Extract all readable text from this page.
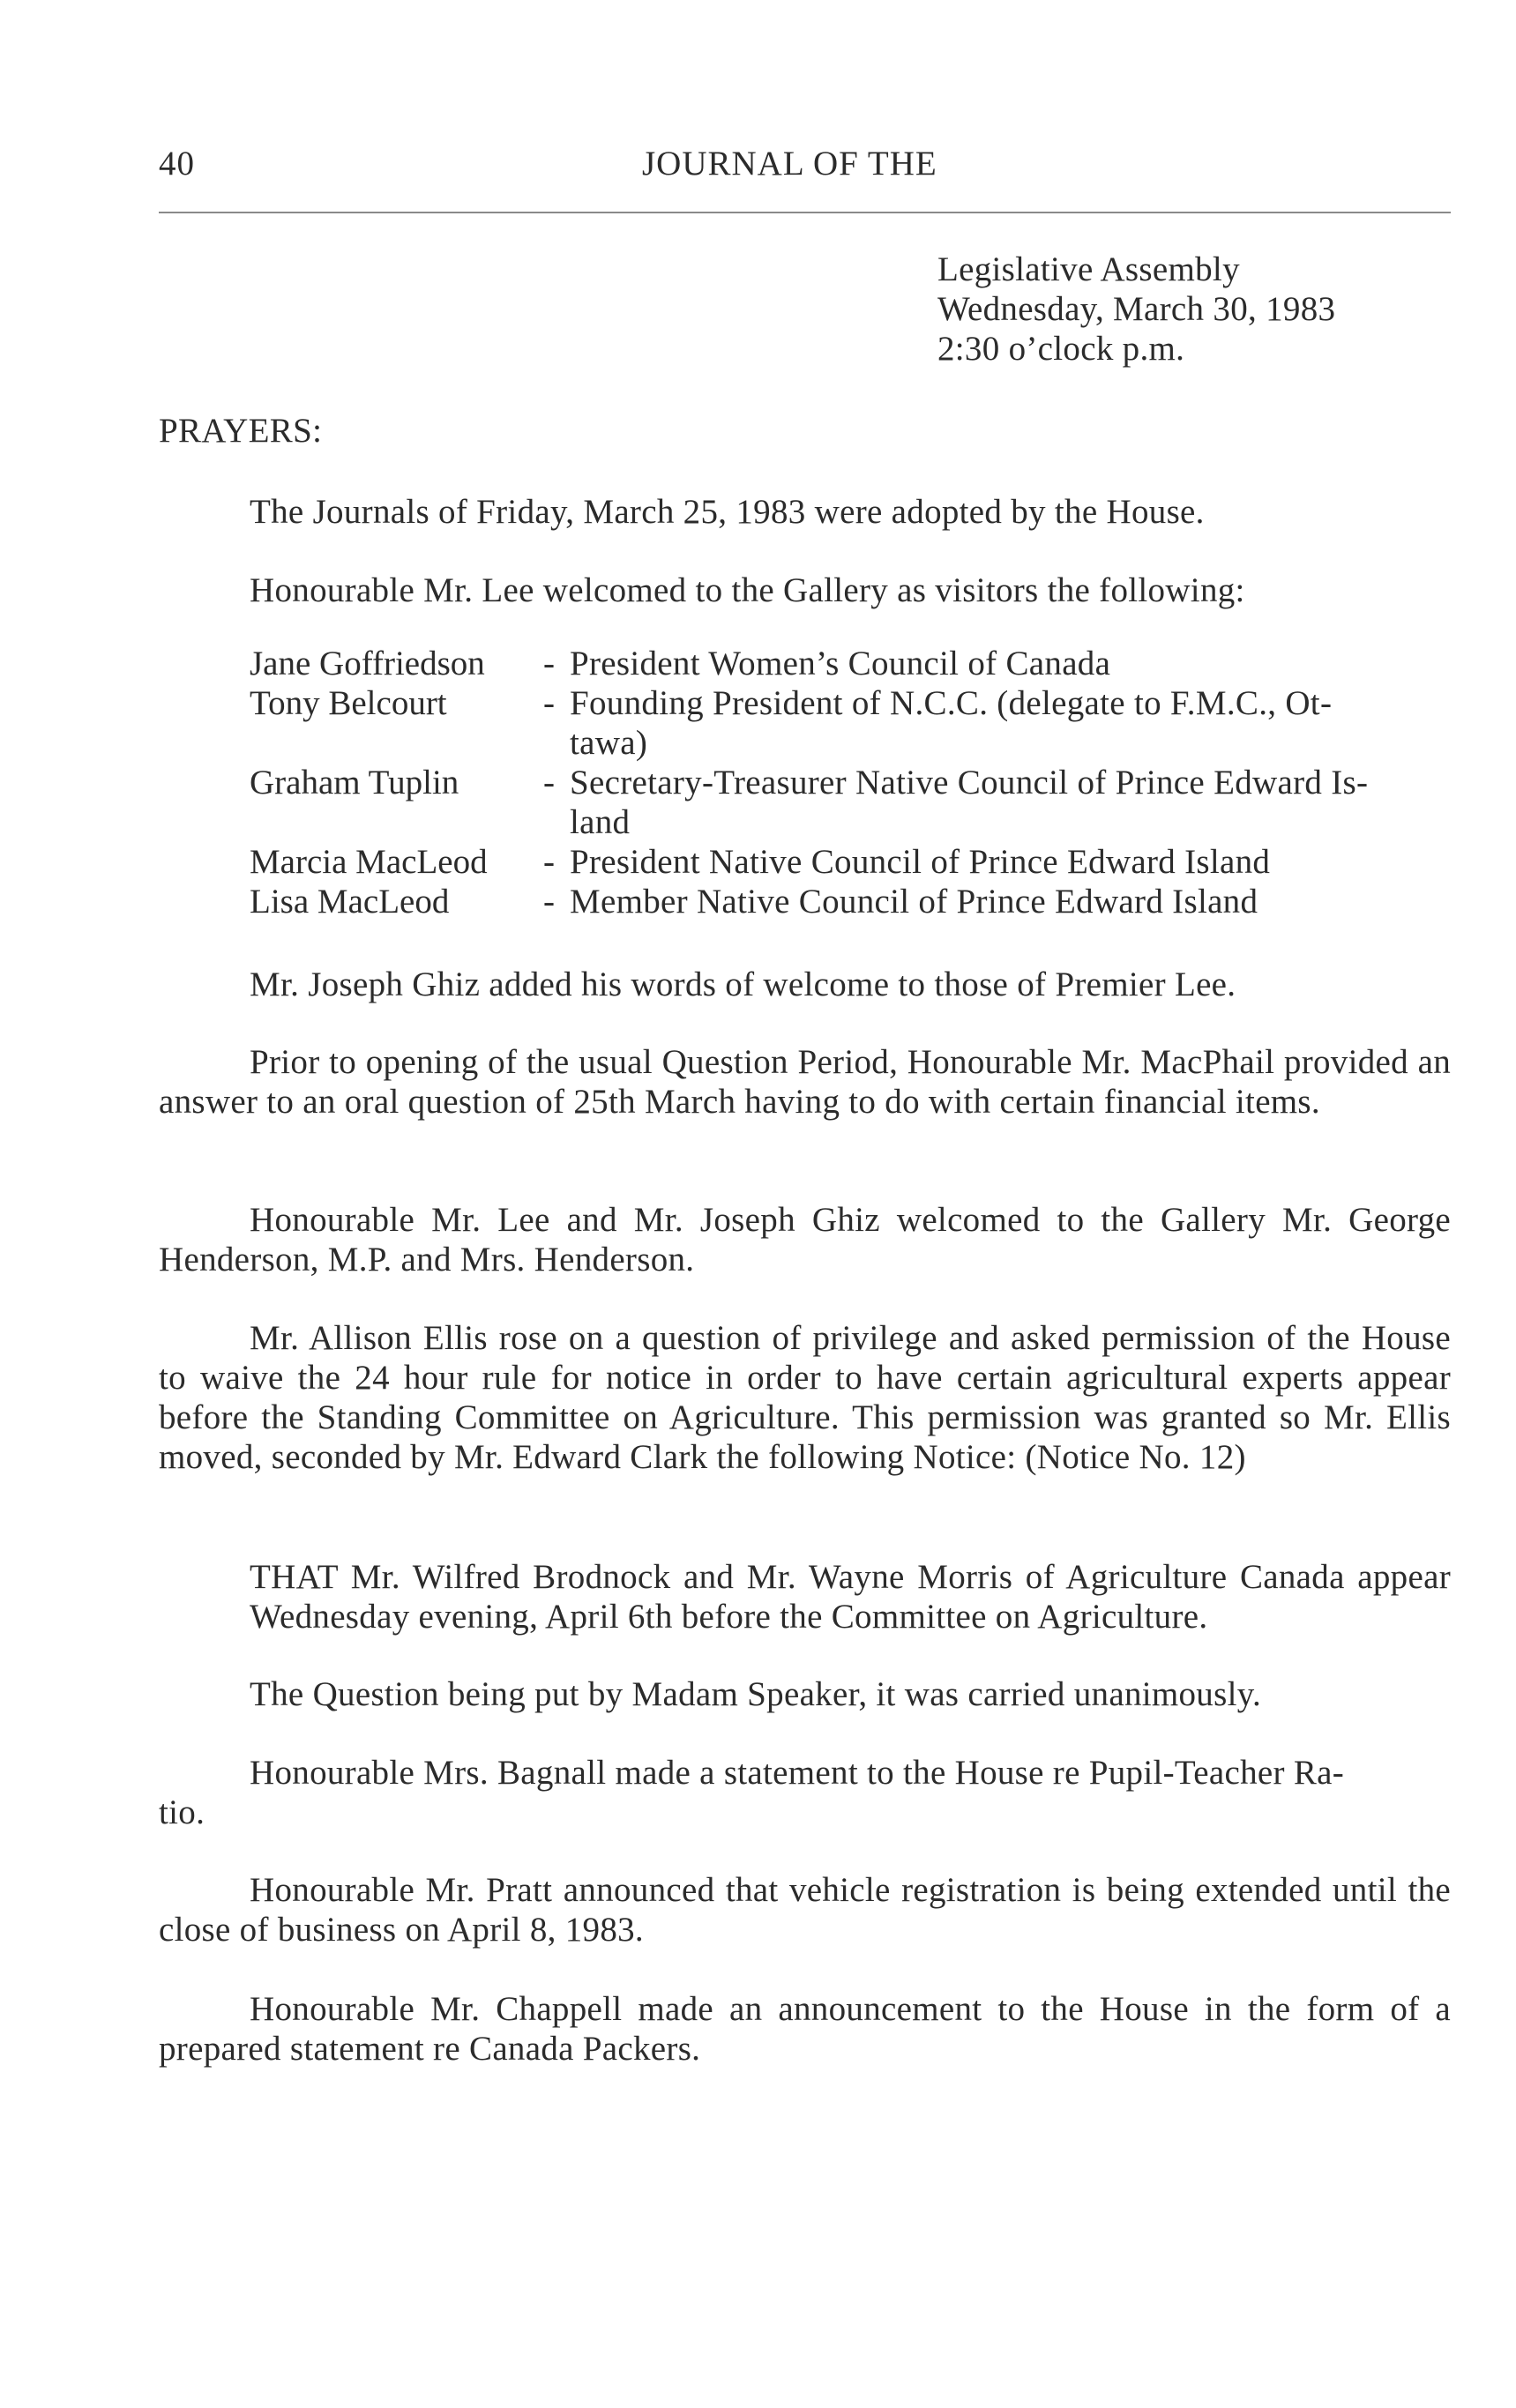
40	JOURNAL OF THE
Legislative Assembly
Wednesday, March 30, 1983
2:30 o’clock p.m.
PRAYERS:
The Journals of Friday, March 25, 1983 were adopted by the House.
Honourable Mr. Lee welcomed to the Gallery as visitors the following:
Jane Goffriedson - President Women’s Council of Canada
Tony Belcourt	- Founding President of N.C.C. (delegate to F.M.C., Ot-
tawa)
Graham Tuplin - Secretary-Treasurer Native Council of Prince Edward Is-
land
Marcia MacLeod - President Native Council of Prince Edward Island
Lisa MacLeod	- Member Native Council of Prince Edward Island
Mr. Joseph Ghiz added his words of welcome to those of Premier Lee.
Prior to opening of the usual Question Period, Honourable Mr. MacPhail provided an answer to an oral question of 25th March having to do with certain financial items.
Honourable Mr. Lee and Mr. Joseph Ghiz welcomed to the Gallery Mr. George Henderson, M.P. and Mrs. Henderson.
Mr. Allison Ellis rose on a question of privilege and asked permission of the House to waive the 24 hour rule for notice in order to have certain agricultural experts appear before the Standing Committee on Agriculture. This permission was granted so Mr. Ellis moved, seconded by Mr. Edward Clark the following Notice: (Notice No. 12)
THAT Mr. Wilfred Brodnock and Mr. Wayne Morris of Agriculture Canada appear Wednesday evening, April 6th before the Committee on Agriculture.
The Question being put by Madam Speaker, it was carried unanimously.
Honourable Mrs. Bagnall made a statement to the House re Pupil-Teacher Ra-
tio.
Honourable Mr. Pratt announced that vehicle registration is being extended until the close of business on April 8, 1983.
Honourable Mr. Chappell made an announcement to the House in the form of a prepared statement re Canada Packers.
